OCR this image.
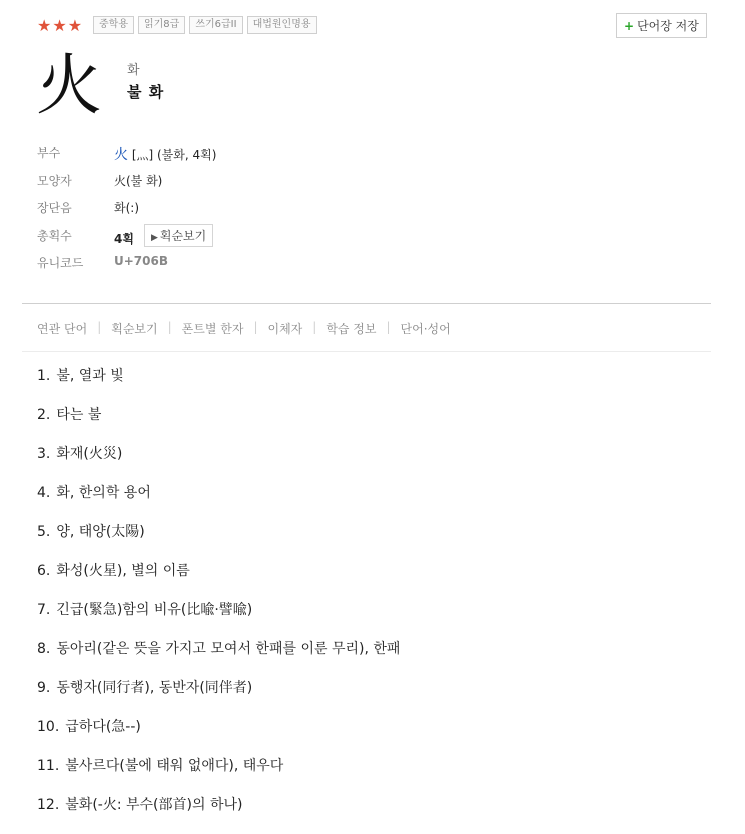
★★★	중학용	읽기8급	쓰기6급II	대법원인명용	+ 단어장 저장
火 화
불 화
부수	火 [灬] (불화, 4획)
모양자	火(불 화)
장단음	화(:)
총획수	4획 ▶ 획순보기
유니코드	U+706B
연관 단어 | 획순보기 | 폰트별 한자 | 이체자 | 학습 정보 | 단어·성어
1. 불, 열과 빛
2. 타는 불
3. 화재(火災)
4. 화, 한의학 용어
5. 양, 태양(太陽)
6. 화성(火星), 별의 이름
7. 긴급(緊急)함의 비유(比喩·譬喩)
8. 동아리(같은 뜻을 가지고 모여서 한패를 이룬 무리), 한패
9. 동행자(同行者), 동반자(同伴者)
10. 급하다(急--)
11. 불사르다(불에 태워 없애다), 태우다
12. 불화(-火: 부수(部首)의 하나)
